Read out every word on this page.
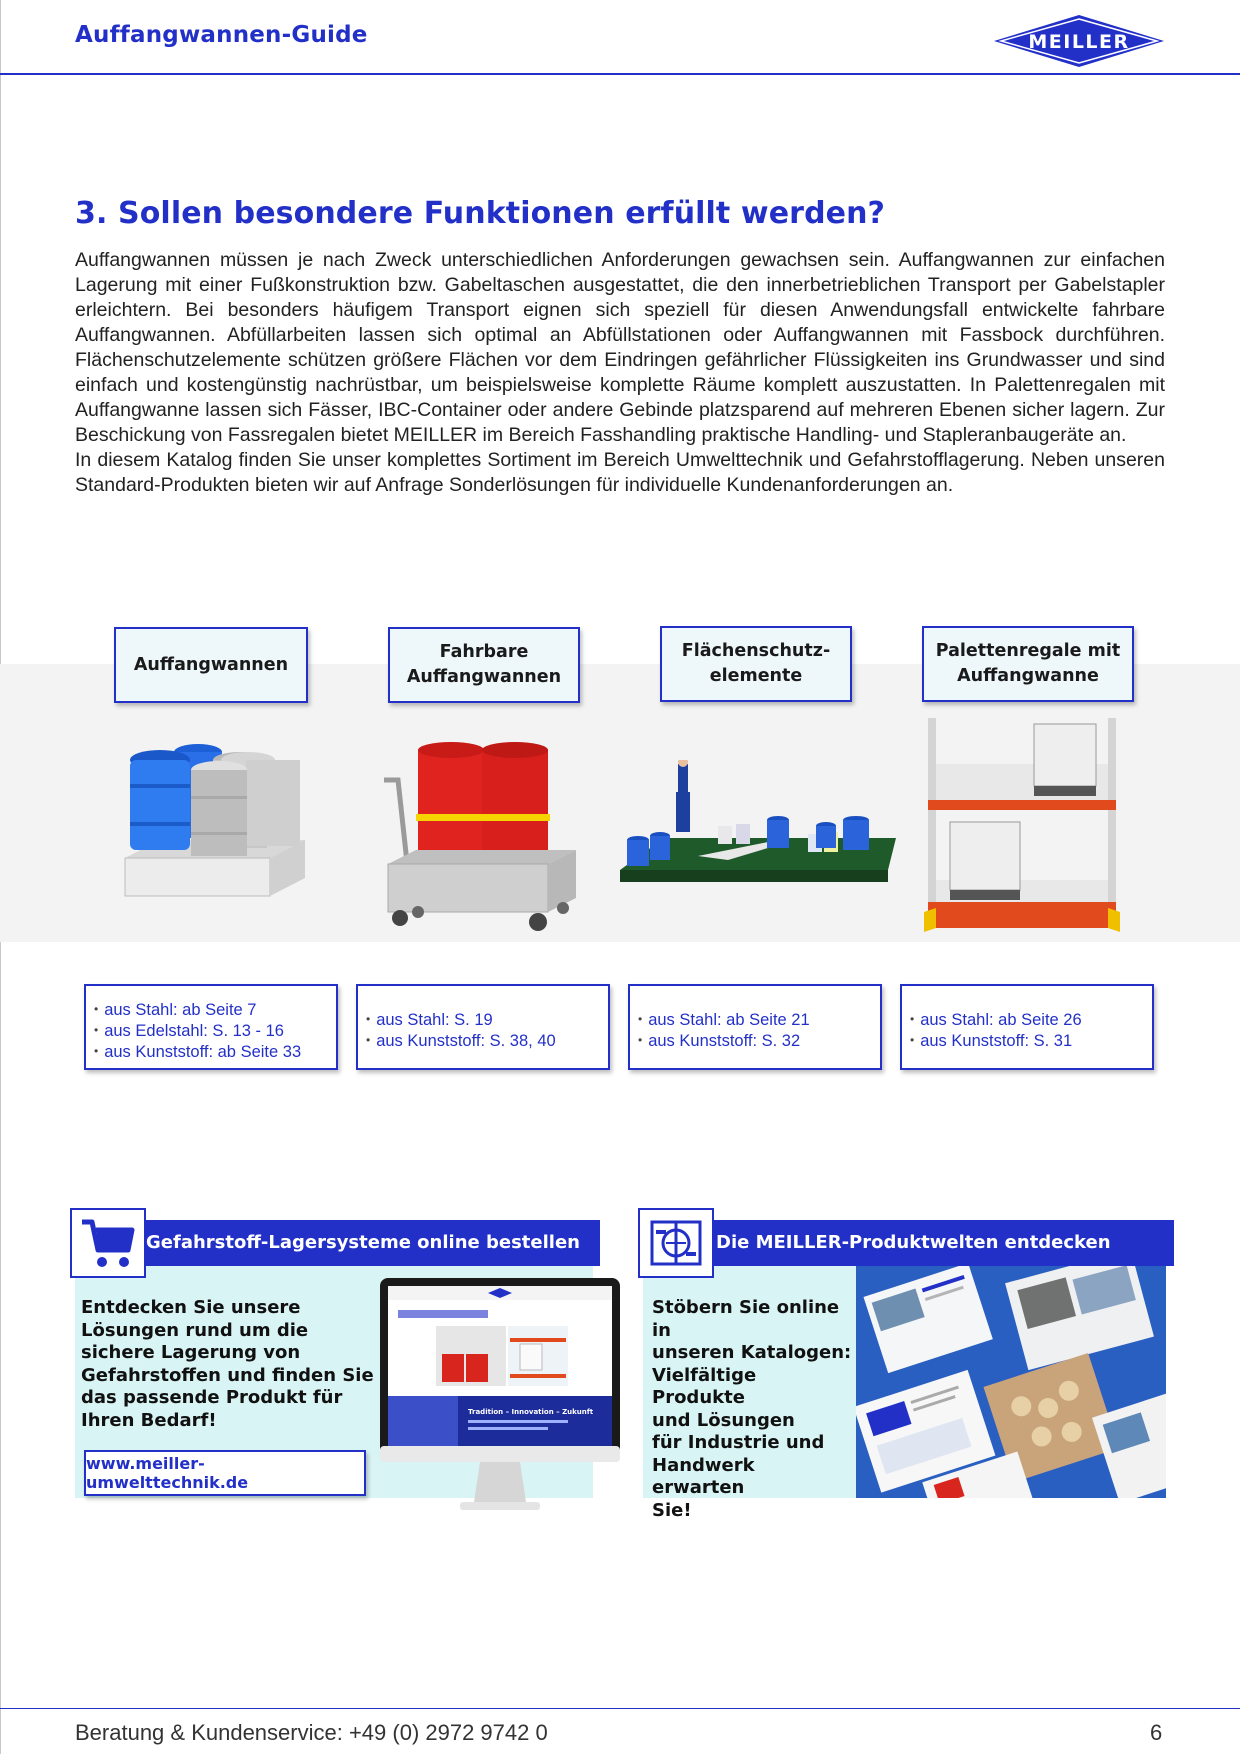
Auffangwannen-Guide	MEILLER
3. Sollen besondere Funktionen erfüllt werden?

Auffangwannen müssen je nach Zweck unterschiedlichen Anforderungen gewachsen sein. Auffangwannen zur einfachen Lagerung mit einer Fußkonstruktion bzw. Gabeltaschen ausgestattet, die den innerbetrieblichen Transport per Gabelstapler erleichtern. Bei besonders häufigem Transport eignen sich speziell für diesen Anwendungsfall entwickelte fahrbare Auffangwannen. Abfüllarbeiten lassen sich optimal an Abfüllstationen oder Auffangwannen mit Fassbock durchführen. Flächenschutzelemente schützen größere Flächen vor dem Eindringen gefährlicher Flüssigkeiten ins Grundwasser und sind einfach und kostengünstig nachrüstbar, um beispielsweise komplette Räume komplett auszustatten. In Palettenregalen mit Auffangwanne lassen sich Fässer, IBC-Container oder andere Gebinde platzsparend auf mehreren Ebenen sicher lagern. Zur Beschickung von Fassregalen bietet MEILLER im Bereich Fasshandling praktische Handling- und Stapleranbaugeräte an.

In diesem Katalog finden Sie unser komplettes Sortiment im Bereich Umwelttechnik und Gefahrstofflagerung. Neben unseren Standard-Produkten bieten wir auf Anfrage Sonderlösungen für individuelle Kundenanforderungen an.

Auffangwannen
Fahrbare
Auffangwannen
Flächenschutz-
elemente
Palettenregale mit
Auffangwanne
• aus Stahl: ab Seite 7
• aus Edelstahl: S. 13 - 16
• aus Kunststoff: ab Seite 33
• aus Stahl: S. 19
• aus Kunststoff: S. 38, 40
• aus Stahl: ab Seite 21
• aus Kunststoff: S. 32
• aus Stahl: ab Seite 26
• aus Kunststoff: S. 31
Gefahrstoff-Lagersysteme online bestellen
Entdecken Sie unsere
Lösungen rund um die
sichere Lagerung von
Gefahrstoffen und finden Sie
das passende Produkt für
Ihren Bedarf!
www.meiller-umwelttechnik.de
Tradition – Innovation – Zukunft
Die MEILLER-Produktwelten entdecken
Stöbern Sie online in
unseren Katalogen:
Vielfältige Produkte
und Lösungen
für Industrie und
Handwerk erwarten
Sie!
Beratung & Kundenservice: +49 (0) 2972 9742 0	6
